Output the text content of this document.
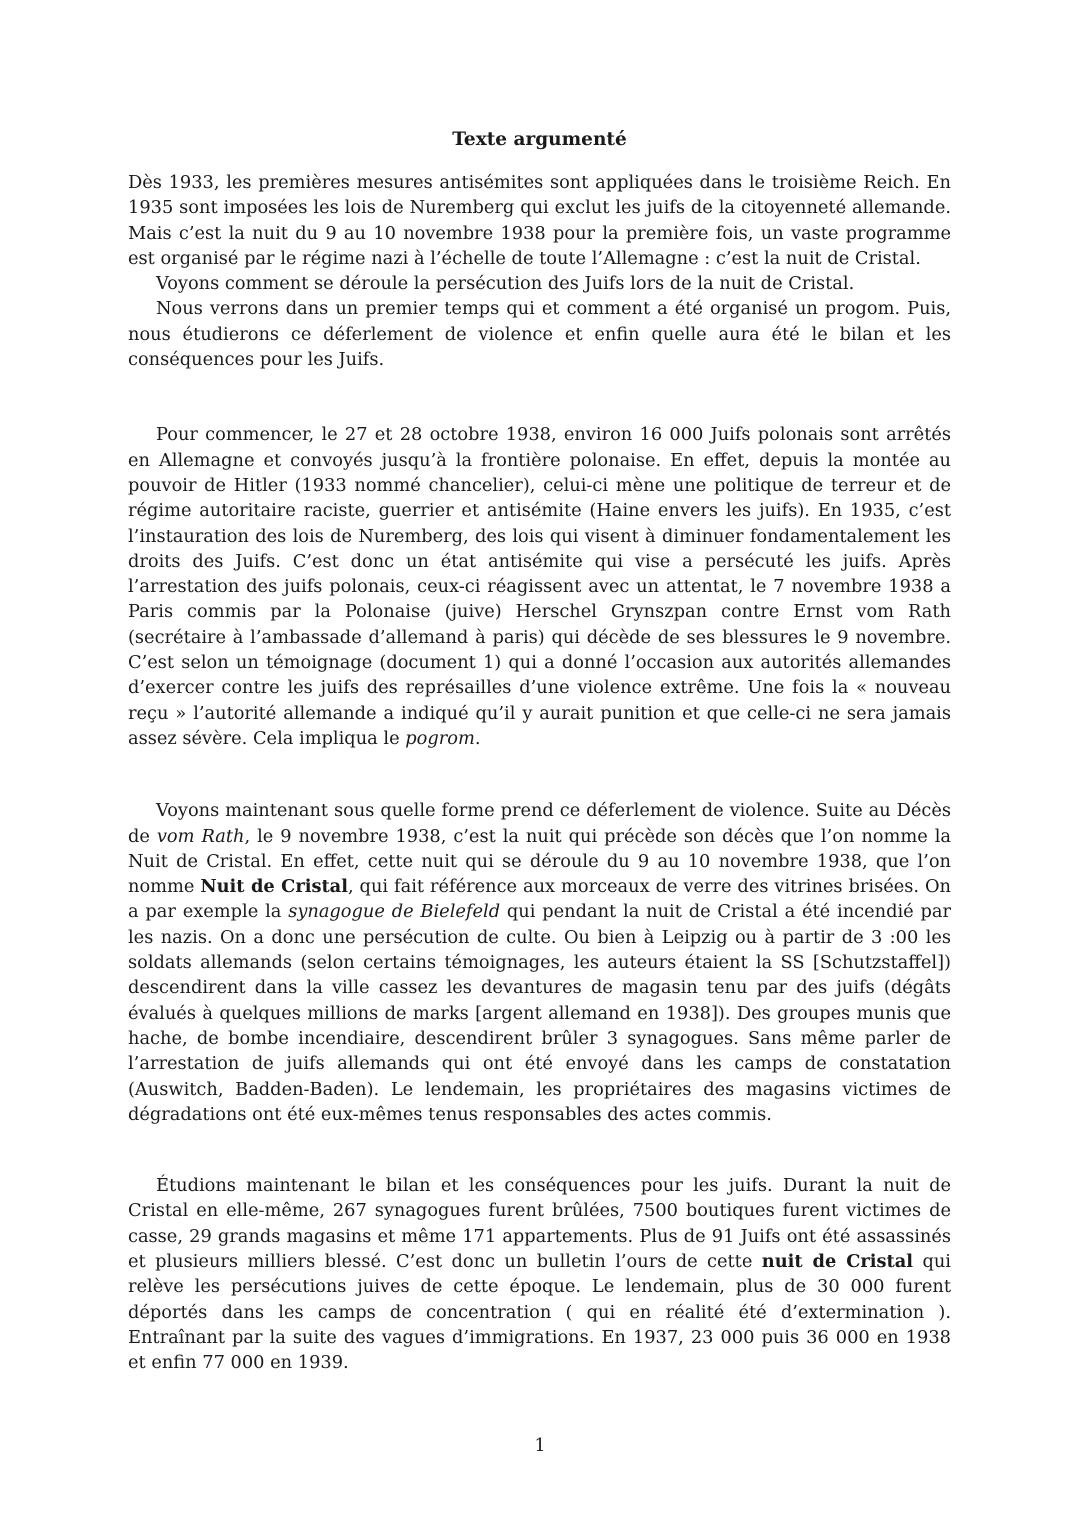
Texte argumenté

Dès 1933, les premières mesures antisémites sont appliquées dans le troisième Reich. En 1935 sont imposées les lois de Nuremberg qui exclut les juifs de la citoyenneté allemande. Mais c’est la nuit du 9 au 10 novembre 1938 pour la première fois, un vaste programme est organisé par le régime nazi à l’échelle de toute l’Allemagne : c’est la nuit de Cristal.

Voyons comment se déroule la persécution des Juifs lors de la nuit de Cristal.

Nous verrons dans un premier temps qui et comment a été organisé un progom. Puis, nous étudierons ce déferlement de violence et enfin quelle aura été le bilan et les conséquences pour les Juifs.

Pour commencer, le 27 et 28 octobre 1938, environ 16 000 Juifs polonais sont arrêtés en Allemagne et convoyés jusqu’à la frontière polonaise. En effet, depuis la montée au pouvoir de Hitler (1933 nommé chancelier), celui-ci mène une politique de terreur et de régime autoritaire raciste, guerrier et antisémite (Haine envers les juifs). En 1935, c’est l’instauration des lois de Nuremberg, des lois qui visent à diminuer fondamentalement les droits des Juifs. C’est donc un état antisémite qui vise a persécuté les juifs. Après l’arrestation des juifs polonais, ceux-ci réagissent avec un attentat, le 7 novembre 1938 a Paris commis par la Polonaise (juive) Herschel Grynszpan contre Ernst vom Rath (secrétaire à l’ambassade d’allemand à paris) qui décède de ses blessures le 9 novembre. C’est selon un témoignage (document 1) qui a donné l’occasion aux autorités allemandes d’exercer contre les juifs des représailles d’une violence extrême. Une fois la « nouveau reçu » l’autorité allemande a indiqué qu’il y aurait punition et que celle-ci ne sera jamais assez sévère. Cela impliqua le pogrom.

Voyons maintenant sous quelle forme prend ce déferlement de violence. Suite au Décès de vom Rath, le 9 novembre 1938, c’est la nuit qui précède son décès que l’on nomme la Nuit de Cristal. En effet, cette nuit qui se déroule du 9 au 10 novembre 1938, que l’on nomme Nuit de Cristal, qui fait référence aux morceaux de verre des vitrines brisées. On a par exemple la synagogue de Bielefeld qui pendant la nuit de Cristal a été incendié par les nazis. On a donc une persécution de culte. Ou bien à Leipzig ou à partir de 3 :00 les soldats allemands (selon certains témoignages, les auteurs étaient la SS [Schutzstaffel]) descendirent dans la ville cassez les devantures de magasin tenu par des juifs (dégâts évalués à quelques millions de marks [argent allemand en 1938]). Des groupes munis que hache, de bombe incendiaire, descendirent brûler 3 synagogues. Sans même parler de l’arrestation de juifs allemands qui ont été envoyé dans les camps de constatation (Auswitch, Badden-Baden). Le lendemain, les propriétaires des magasins victimes de dégradations ont été eux-mêmes tenus responsables des actes commis.

Étudions maintenant le bilan et les conséquences pour les juifs. Durant la nuit de Cristal en elle-même, 267 synagogues furent brûlées, 7500 boutiques furent victimes de casse, 29 grands magasins et même 171 appartements. Plus de 91 Juifs ont été assassinés et plusieurs milliers blessé. C’est donc un bulletin l’ours de cette nuit de Cristal qui relève les persécutions juives de cette époque. Le lendemain, plus de 30 000 furent déportés dans les camps de concentration ( qui en réalité été d’extermination ). Entraînant par la suite des vagues d’immigrations. En 1937, 23 000 puis 36 000 en 1938 et enfin 77 000 en 1939.

1
